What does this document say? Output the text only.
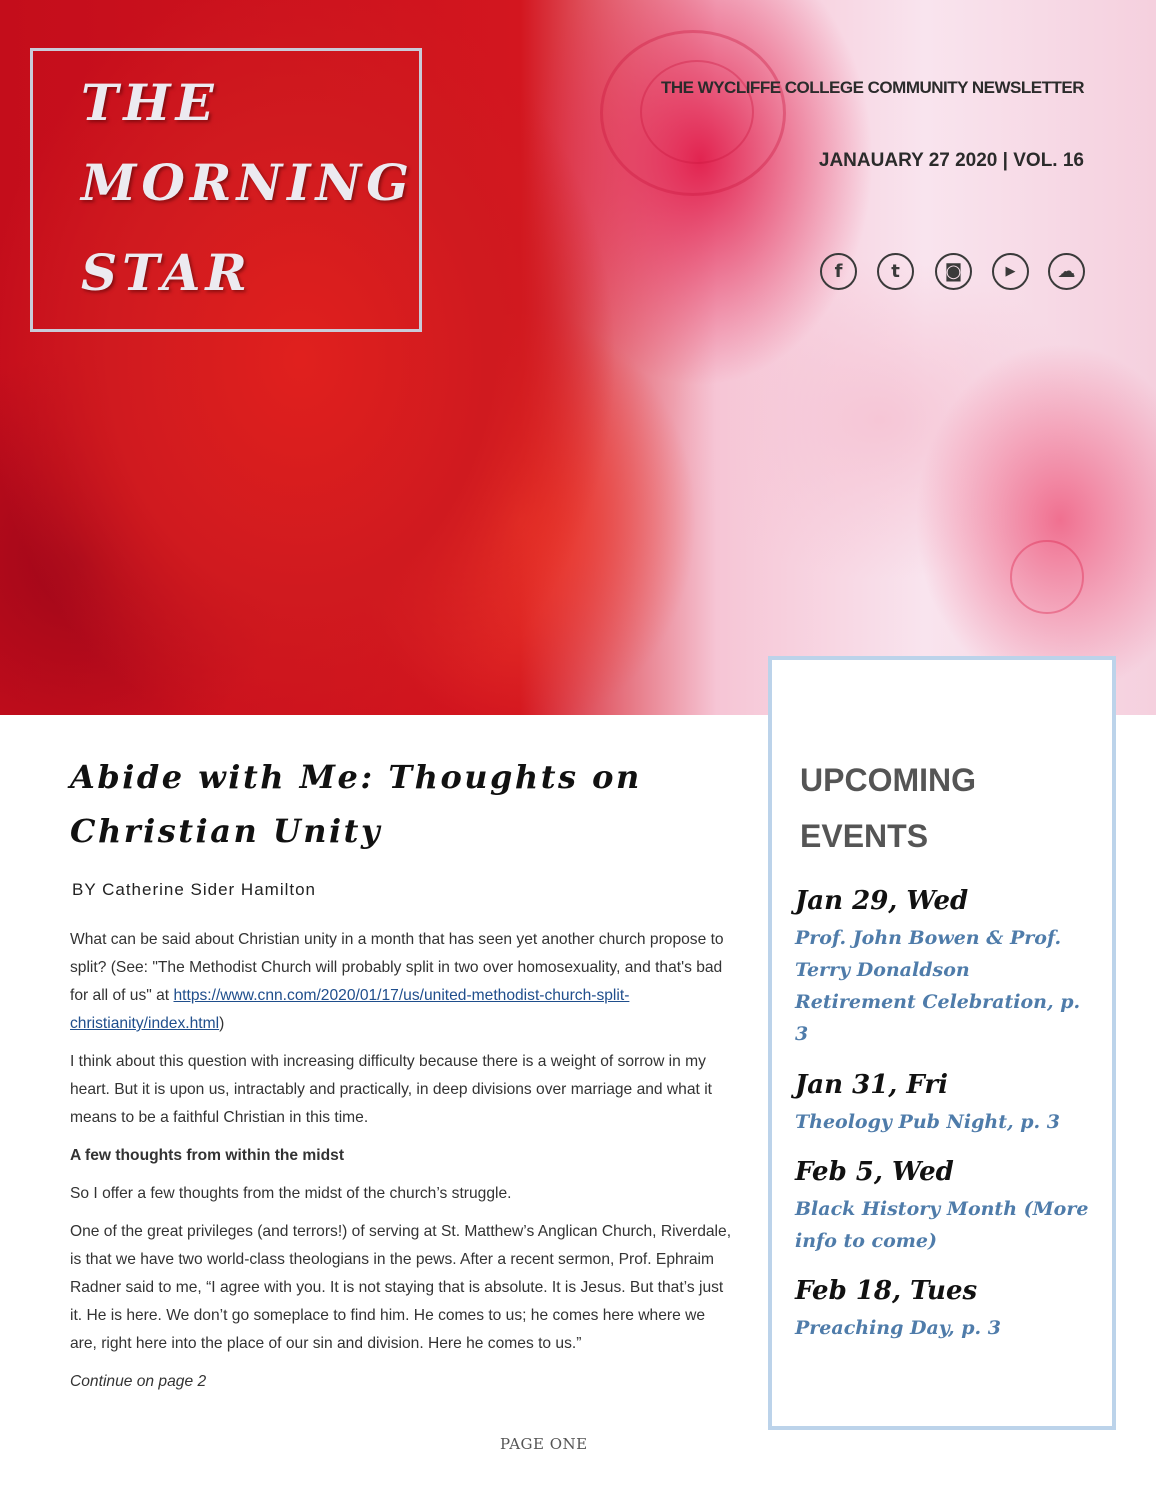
THE
MORNING
STAR
THE WYCLIFFE COLLEGE COMMUNITY NEWSLETTER
JANAUARY 27 2020 | VOL. 16
f	t	◙	▶	☁
Abide with Me: Thoughts on Christian Unity
BY Catherine Sider Hamilton

What can be said about Christian unity in a month that has seen yet another church propose to split? (See: "The Methodist Church will probably split in two over homosexuality, and that's bad for all of us" at https://www.cnn.com/2020/01/17/us/united-methodist-church-split-christianity/index.html)

I think about this question with increasing difficulty because there is a weight of sorrow in my heart. But it is upon us, intractably and practically, in deep divisions over marriage and what it means to be a faithful Christian in this time.

A few thoughts from within the midst

So I offer a few thoughts from the midst of the church’s struggle.

One of the great privileges (and terrors!) of serving at St. Matthew’s Anglican Church, Riverdale, is that we have two world-class theologians in the pews. After a recent sermon, Prof. Ephraim Radner said to me, “I agree with you. It is not staying that is absolute. It is Jesus. But that’s just it. He is here. We don’t go someplace to find him. He comes to us; he comes here where we are, right here into the place of our sin and division. Here he comes to us.”

Continue on page 2

PAGE ONE
UPCOMING
EVENTS
Jan 29, Wed
Prof. John Bowen & Prof. Terry Donaldson Retirement Celebration, p. 3
Jan 31, Fri
Theology Pub Night, p. 3
Feb 5, Wed
Black History Month (More info to come)
Feb 18, Tues
Preaching Day, p. 3
